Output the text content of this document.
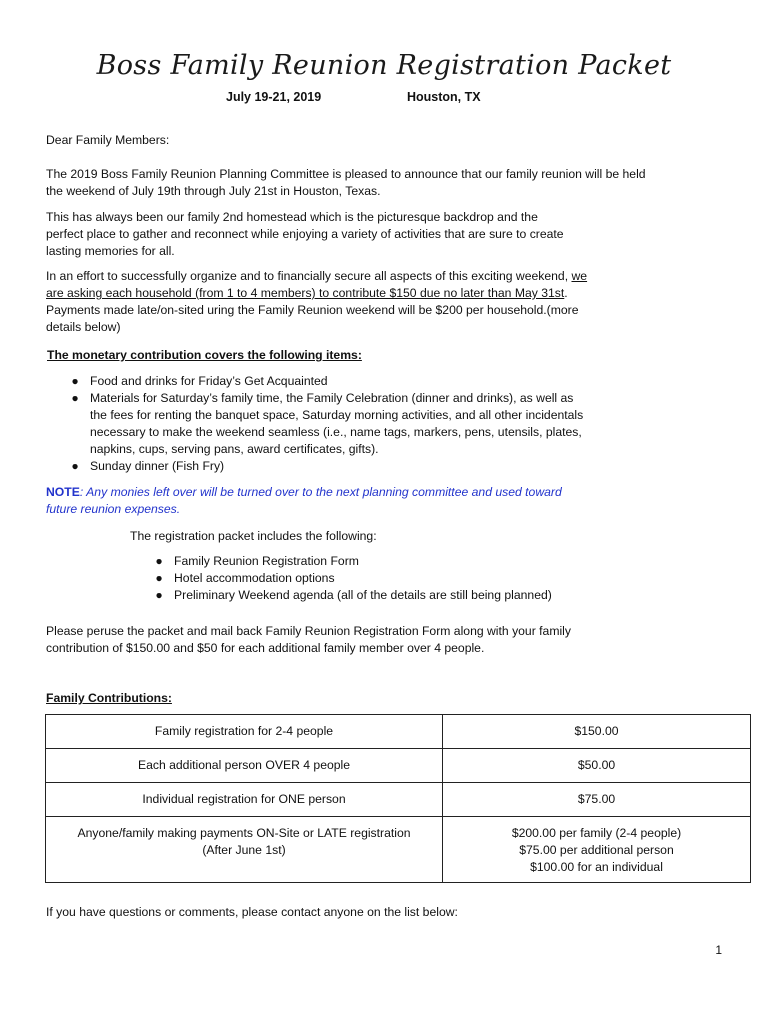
Boss Family Reunion Registration Packet
July 19-21, 2019	Houston, TX
Dear Family Members:
The 2019 Boss Family Reunion Planning Committee is pleased to announce that our family reunion will be held the weekend of July 19th through July 21st in Houston, Texas.
This has always been our family 2nd homestead which is the picturesque backdrop and the perfect place to gather and reconnect while enjoying a variety of activities that are sure to create lasting memories for all.
In an effort to successfully organize and to financially secure all aspects of this exciting weekend, we are asking each household (from 1 to 4 members) to contribute $150 due no later than May 31st. Payments made late/on-sited uring the Family Reunion weekend will be $200 per household.(more details below)
The monetary contribution covers the following items:
● Food and drinks for Friday’s Get Acquainted
● Materials for Saturday’s family time, the Family Celebration (dinner and drinks), as well as the fees for renting the banquet space, Saturday morning activities, and all other incidentals necessary to make the weekend seamless (i.e., name tags, markers, pens, utensils, plates, napkins, cups, serving pans, award certificates, gifts).
● Sunday dinner (Fish Fry)
NOTE: Any monies left over will be turned over to the next planning committee and used toward future reunion expenses.
The registration packet includes the following:
● Family Reunion Registration Form
● Hotel accommodation options
● Preliminary Weekend agenda (all of the details are still being planned)
Please peruse the packet and mail back Family Reunion Registration Form along with your family contribution of $150.00 and $50 for each additional family member over 4 people.
Family Contributions:
Family registration for 2-4 people	$150.00
Each additional person OVER 4 people	$50.00
Individual registration for ONE person	$75.00
Anyone/family making payments ON-Site or LATE registration (After June 1st)	$200.00 per family (2-4 people)
$75.00 per additional person
$100.00 for an individual
If you have questions or comments, please contact anyone on the list below:
1
